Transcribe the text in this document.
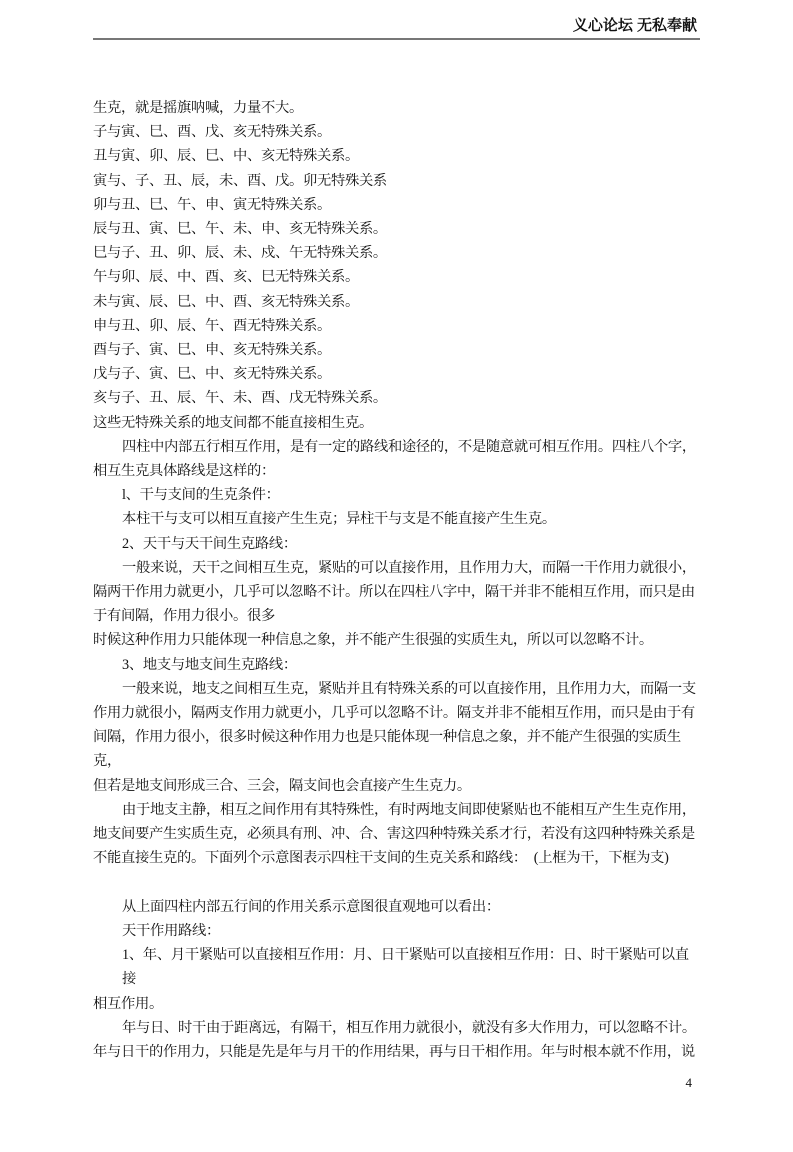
义心论坛 无私奉献
生克，就是摇旗呐喊，力量不大。
子与寅、巳、酉、戊、亥无特殊关系。
丑与寅、卯、辰、巳、中、亥无特殊关系。
寅与、子、丑、辰，未、酉、戊。卯无特殊关系
卯与丑、巳、午、申、寅无特殊关系。
辰与丑、寅、巳、午、未、申、亥无特殊关系。
巳与子、丑、卯、辰、未、戍、午无特殊关系。
午与卯、辰、中、酉、亥、巳无特殊关系。
未与寅、辰、巳、中、酉、亥无特殊关系。
申与丑、卯、辰、午、酉无特殊关系。
酉与子、寅、巳、申、亥无特殊关系。
戊与子、寅、巳、中、亥无特殊关系。
亥与子、丑、辰、午、未、酉、戊无特殊关系。
这些无特殊关系的地支间都不能直接相生克。
四柱中内部五行相互作用，是有一定的路线和途径的，不是随意就可相互作用。四柱八个字，
相互生克具体路线是这样的：
l、干与支间的生克条件：
本柱干与支可以相互直接产生生克；异柱干与支是不能直接产生生克。
2、天干与天干间生克路线：
一般来说，天干之间相互生克，紧贴的可以直接作用，且作用力大，而隔一干作用力就很小，
隔两干作用力就更小，几乎可以忽略不计。所以在四柱八字中，隔干并非不能相互作用，而只是由
于有间隔，作用力很小。很多
时候这种作用力只能体现一种信息之象，并不能产生很强的实质生丸，所以可以忽略不计。
3、地支与地支间生克路线：
一般来说，地支之间相互生克，紧贴并且有特殊关系的可以直接作用，且作用力大，而隔一支
作用力就很小，隔两支作用力就更小，几乎可以忽略不计。隔支并非不能相互作用，而只是由于有
间隔，作用力很小，很多时候这种作用力也是只能体现一种信息之象，并不能产生很强的实质生克，
但若是地支间形成三合、三会，隔支间也会直接产生生克力。
由于地支主静，相互之间作用有其特殊性，有时两地支间即使紧贴也不能相互产生生克作用，
地支间要产生实质生克，必须具有刑、冲、合、害这四种特殊关系才行，若没有这四种特殊关系是
不能直接生克的。下面列个示意图表示四柱干支间的生克关系和路线：　(上框为干，下框为支)
从上面四柱内部五行间的作用关系示意图很直观地可以看出：
天干作用路线：
1、年、月干紧贴可以直接相互作用：月、日干紧贴可以直接相互作用：日、时干紧贴可以直接
相互作用。
年与日、时干由于距离远，有隔干，相互作用力就很小，就没有多大作用力，可以忽略不计。
年与日干的作用力，只能是先是年与月干的作用结果，再与日干相作用。年与时根本就不作用，说
4
